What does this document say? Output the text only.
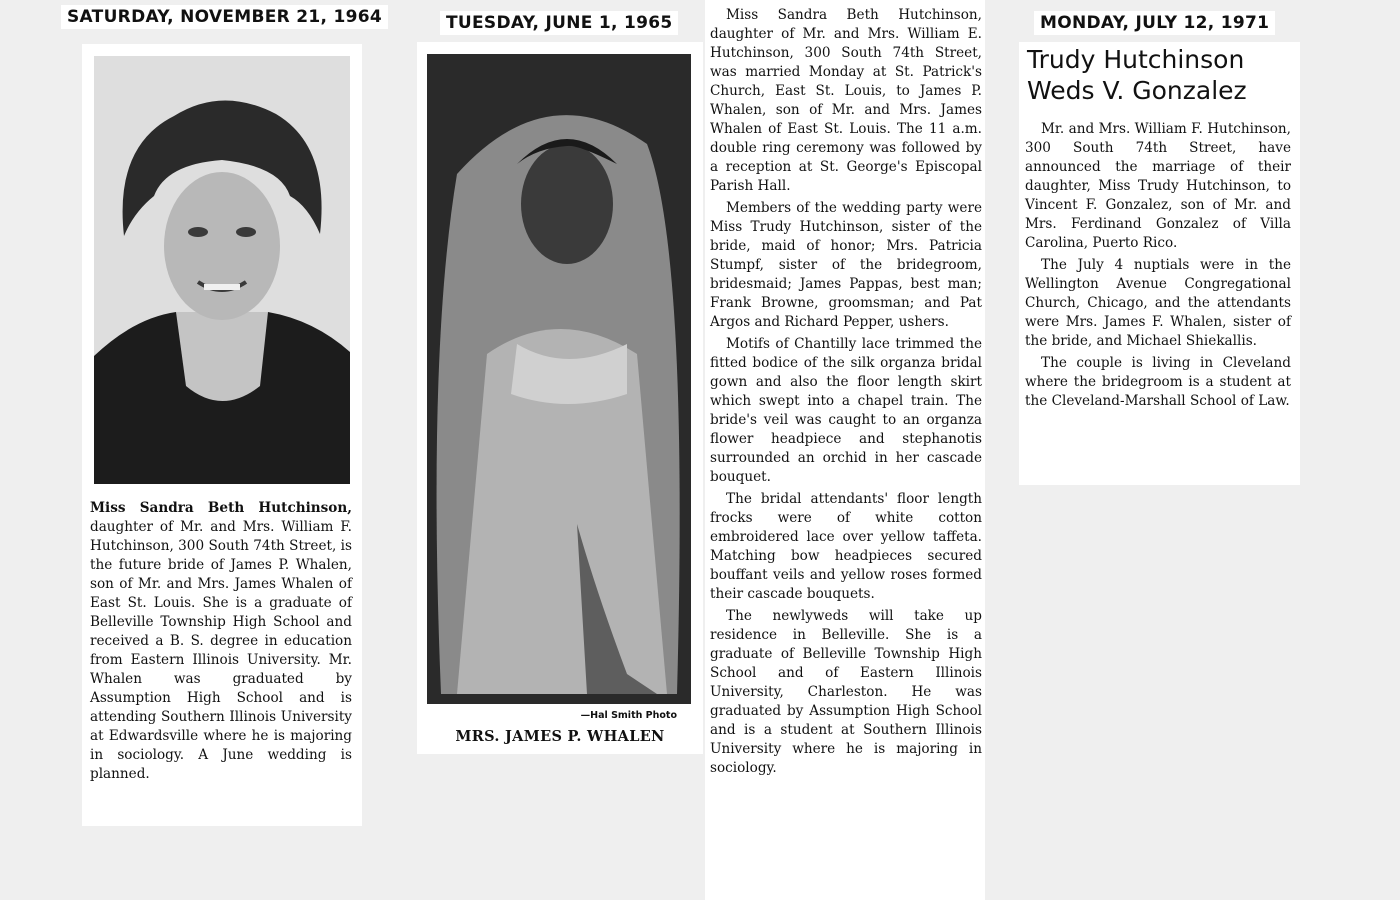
SATURDAY, NOVEMBER 21, 1964

Miss Sandra Beth Hutchinson, daughter of Mr. and Mrs. William F. Hutchinson, 300 South 74th Street, is the future bride of James P. Whalen, son of Mr. and Mrs. James Whalen of East St. Louis. She is a graduate of Belleville Township High School and received a B. S. degree in education from Eastern Illinois University. Mr. Whalen was graduated by Assumption High School and is attending Southern Illinois University at Edwardsville where he is majoring in sociology. A June wedding is planned.

TUESDAY, JUNE 1, 1965
—Hal Smith Photo
MRS. JAMES P. WHALEN

Miss Sandra Beth Hutchinson, daughter of Mr. and Mrs. William E. Hutchinson, 300 South 74th Street, was married Monday at St. Patrick's Church, East St. Louis, to James P. Whalen, son of Mr. and Mrs. James Whalen of East St. Louis. The 11 a.m. double ring ceremony was followed by a reception at St. George's Episcopal Parish Hall.

Members of the wedding party were Miss Trudy Hutchinson, sister of the bride, maid of honor; Mrs. Patricia Stumpf, sister of the bridegroom, bridesmaid; James Pappas, best man; Frank Browne, groomsman; and Pat Argos and Richard Pepper, ushers.

Motifs of Chantilly lace trimmed the fitted bodice of the silk organza bridal gown and also the floor length skirt which swept into a chapel train. The bride's veil was caught to an organza flower headpiece and stephanotis surrounded an orchid in her cascade bouquet.

The bridal attendants' floor length frocks were of white cotton embroidered lace over yellow taffeta. Matching bow headpieces secured bouffant veils and yellow roses formed their cascade bouquets.

The newlyweds will take up residence in Belleville. She is a graduate of Belleville Township High School and of Eastern Illinois University, Charleston. He was graduated by Assumption High School and is a student at Southern Illinois University where he is majoring in sociology.

MONDAY, JULY 12, 1971
Trudy Hutchinson
Weds V. Gonzalez

Mr. and Mrs. William F. Hutchinson, 300 South 74th Street, have announced the marriage of their daughter, Miss Trudy Hutchinson, to Vincent F. Gonzalez, son of Mr. and Mrs. Ferdinand Gonzalez of Villa Carolina, Puerto Rico.

The July 4 nuptials were in the Wellington Avenue Congregational Church, Chicago, and the attendants were Mrs. James F. Whalen, sister of the bride, and Michael Shiekallis.

The couple is living in Cleveland where the bridegroom is a student at the Cleveland-Marshall School of Law.
